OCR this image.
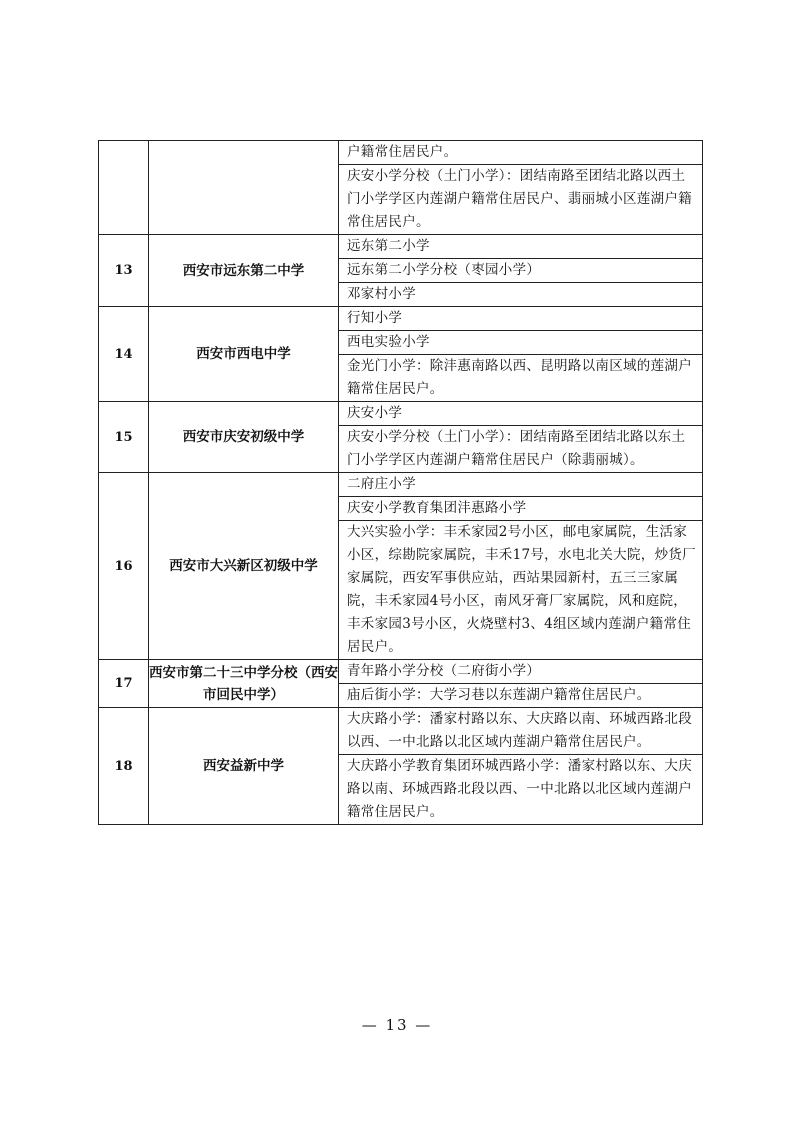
		户籍常住居民户。
		庆安小学分校（土门小学）：团结南路至团结北路以西土门小学学区内莲湖户籍常住居民户、翡丽城小区莲湖户籍常住居民户。
13	西安市远东第二中学	远东第二小学
		远东第二小学分校（枣园小学）
		邓家村小学
14	西安市西电中学	行知小学
		西电实验小学
		金光门小学：除沣惠南路以西、昆明路以南区域的莲湖户籍常住居民户。
15	西安市庆安初级中学	庆安小学
		庆安小学分校（土门小学）：团结南路至团结北路以东土门小学学区内莲湖户籍常住居民户（除翡丽城）。
16	西安市大兴新区初级中学	二府庄小学
		庆安小学教育集团沣惠路小学
		大兴实验小学：丰禾家园2号小区，邮电家属院，生活家小区，综勘院家属院，丰禾17号，水电北关大院，炒货厂家属院，西安军事供应站，西站果园新村，五三三家属院，丰禾家园4号小区，南风牙膏厂家属院，风和庭院，丰禾家园3号小区，火烧壁村3、4组区域内莲湖户籍常住居民户。
17	西安市第二十三中学分校（西安市回民中学）	青年路小学分校（二府街小学）
		庙后街小学：大学习巷以东莲湖户籍常住居民户。
18	西安益新中学	大庆路小学：潘家村路以东、大庆路以南、环城西路北段以西、一中北路以北区域内莲湖户籍常住居民户。
		大庆路小学教育集团环城西路小学：潘家村路以东、大庆路以南、环城西路北段以西、一中北路以北区域内莲湖户籍常住居民户。
— 13 —
